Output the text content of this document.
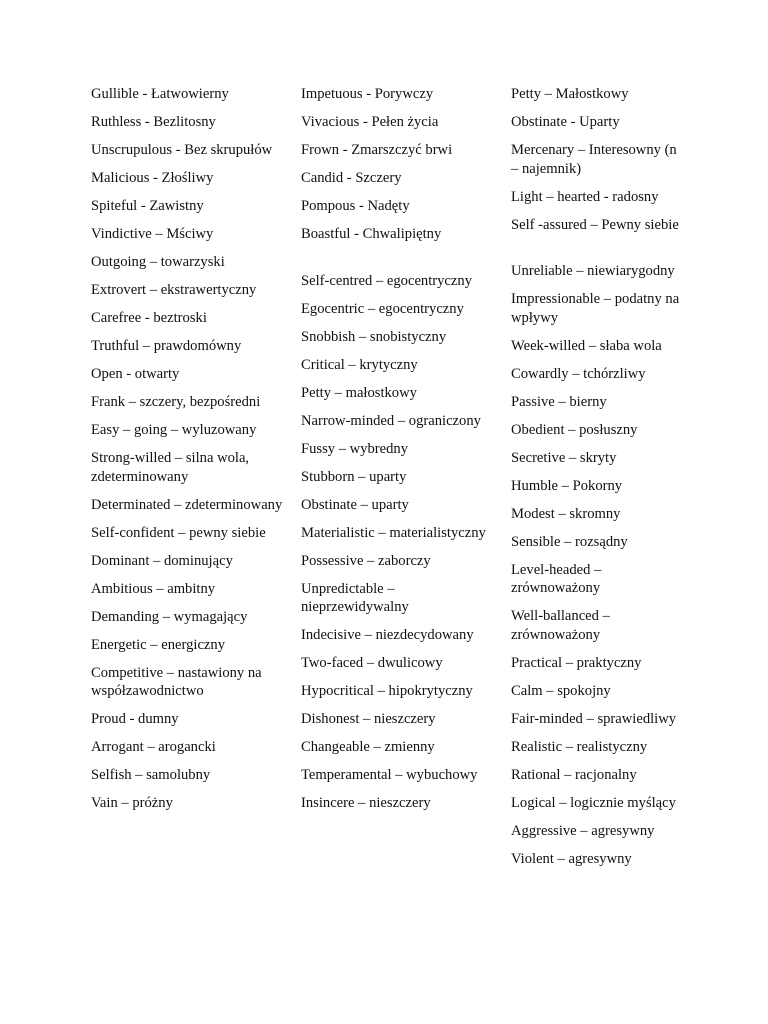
Gullible - Łatwowierny
Ruthless - Bezlitosny
Unscrupulous - Bez skrupułów
Malicious - Złośliwy
Spiteful - Zawistny
Vindictive – Mściwy
Outgoing – towarzyski
Extrovert – ekstrawertyczny
Carefree - beztroski
Truthful – prawdomówny
Open - otwarty
Frank – szczery, bezpośredni
Easy – going – wyluzowany
Strong-willed – silna wola, zdeterminowany
Determinated – zdeterminowany
Self-confident – pewny siebie
Dominant – dominujący
Ambitious – ambitny
Demanding – wymagający
Energetic – energiczny
Competitive – nastawiony na współzawodnictwo
Proud - dumny
Arrogant – arogancki
Selfish – samolubny
Vain – próżny
Impetuous - Porywczy
Vivacious - Pełen życia
Frown - Zmarszczyć brwi
Candid - Szczery
Pompous - Nadęty
Boastful - Chwalipiętny
Self-centred – egocentryczny
Egocentric – egocentryczny
Snobbish – snobistyczny
Critical – krytyczny
Petty – małostkowy
Narrow-minded – ograniczony
Fussy – wybredny
Stubborn – uparty
Obstinate – uparty
Materialistic – materialistyczny
Possessive – zaborczy
Unpredictable – nieprzewidywalny
Indecisive – niezdecydowany
Two-faced – dwulicowy
Hypocritical – hipokrytyczny
Dishonest – nieszczery
Changeable – zmienny
Temperamental – wybuchowy
Insincere – nieszczery
Petty – Małostkowy
Obstinate - Uparty
Mercenary – Interesowny (n – najemnik)
Light – hearted - radosny
Self -assured – Pewny siebie
Unreliable – niewiarygodny
Impressionable – podatny na wpływy
Week-willed – słaba wola
Cowardly – tchórzliwy
Passive – bierny
Obedient – posłuszny
Secretive – skryty
Humble – Pokorny
Modest – skromny
Sensible – rozsądny
Level-headed – zrównoważony
Well-ballanced – zrównoważony
Practical – praktyczny
Calm – spokojny
Fair-minded – sprawiedliwy
Realistic – realistyczny
Rational – racjonalny
Logical – logicznie myślący
Aggressive – agresywny
Violent – agresywny
